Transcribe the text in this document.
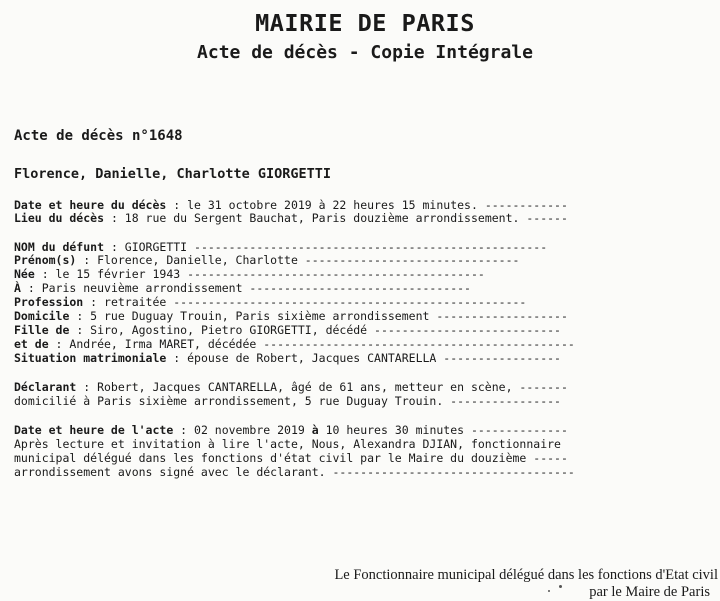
MAIRIE DE PARIS
Acte de décès - Copie Intégrale
Acte de décès n°1648
Florence, Danielle, Charlotte GIORGETTI
Date et heure du décès : le 31 octobre 2019 à 22 heures 15 minutes. ------------
Lieu du décès : 18 rue du Sergent Bauchat, Paris douzième arrondissement. ------
NOM du défunt : GIORGETTI ---------------------------------------------------
Prénom(s) : Florence, Danielle, Charlotte -------------------------------
Née : le 15 février 1943 -------------------------------------------
À : Paris neuvième arrondissement --------------------------------
Profession : retraitée ---------------------------------------------------
Domicile : 5 rue Duguay Trouin, Paris sixième arrondissement -------------------
Fille de : Siro, Agostino, Pietro GIORGETTI, décédé ---------------------------
et de : Andrée, Irma MARET, décédée ---------------------------------------------
Situation matrimoniale : épouse de Robert, Jacques CANTARELLA -----------------
Déclarant : Robert, Jacques CANTARELLA, âgé de 61 ans, metteur en scène, -------
domicilié à Paris sixième arrondissement, 5 rue Duguay Trouin. ----------------
Date et heure de l'acte : 02 novembre 2019 à 10 heures 30 minutes --------------
Après lecture et invitation à lire l'acte, Nous, Alexandra DJIAN, fonctionnaire
municipal délégué dans les fonctions d'état civil par le Maire du douzième -----
arrondissement avons signé avec le déclarant. -----------------------------------
Le Fonctionnaire municipal délégué dans les fonctions d'Etat civil
par le Maire de Paris
